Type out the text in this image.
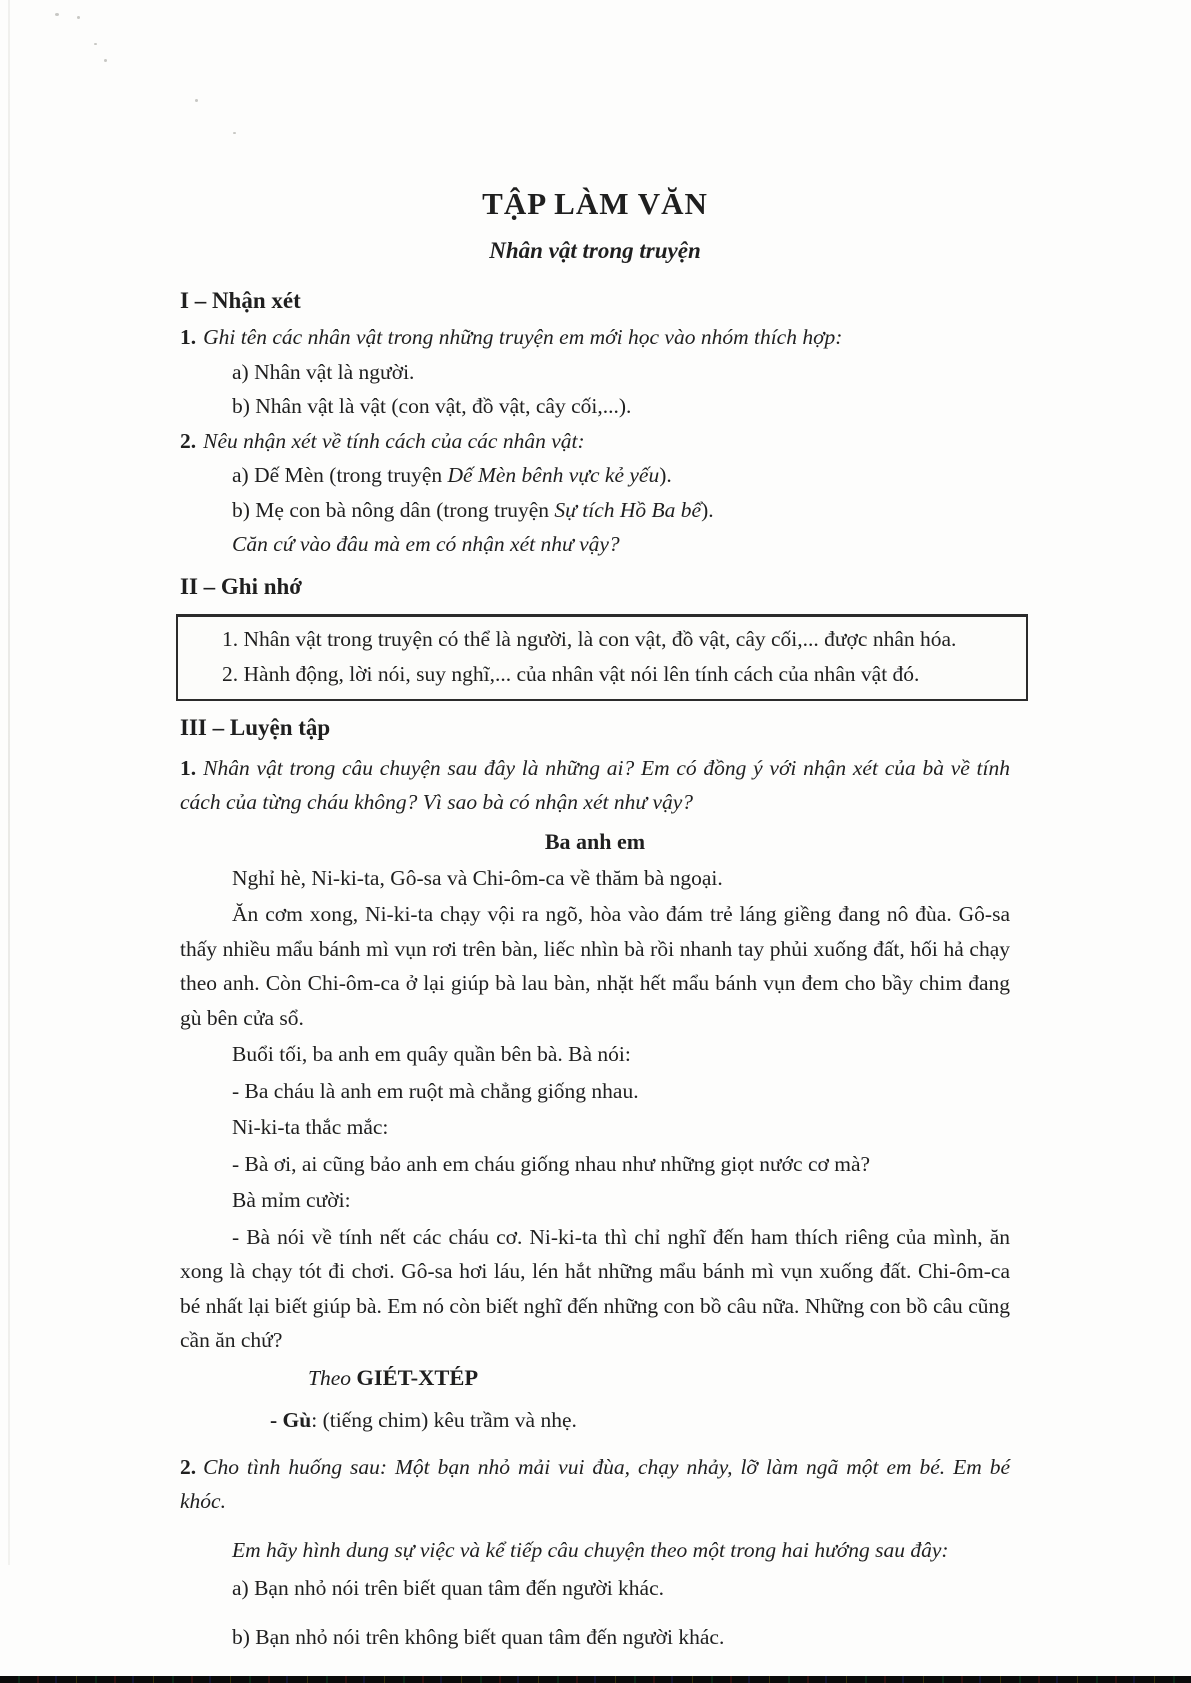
TẬP LÀM VĂN
Nhân vật trong truyện
I – Nhận xét

1. Ghi tên các nhân vật trong những truyện em mới học vào nhóm thích hợp:

a) Nhân vật là người.

b) Nhân vật là vật (con vật, đồ vật, cây cối,...).

2. Nêu nhận xét về tính cách của các nhân vật:

a) Dế Mèn (trong truyện Dế Mèn bênh vực kẻ yếu).

b) Mẹ con bà nông dân (trong truyện Sự tích Hồ Ba bể).

Căn cứ vào đâu mà em có nhận xét như vậy?

II – Ghi nhớ

1. Nhân vật trong truyện có thể là người, là con vật, đồ vật, cây cối,... được nhân hóa.

2. Hành động, lời nói, suy nghĩ,... của nhân vật nói lên tính cách của nhân vật đó.

III – Luyện tập

1. Nhân vật trong câu chuyện sau đây là những ai? Em có đồng ý với nhận xét của bà về tính cách của từng cháu không? Vì sao bà có nhận xét như vậy?

Ba anh em

Nghỉ hè, Ni-ki-ta, Gô-sa và Chi-ôm-ca về thăm bà ngoại.

Ăn cơm xong, Ni-ki-ta chạy vội ra ngõ, hòa vào đám trẻ láng giềng đang nô đùa. Gô-sa thấy nhiều mẩu bánh mì vụn rơi trên bàn, liếc nhìn bà rồi nhanh tay phủi xuống đất, hối hả chạy theo anh. Còn Chi-ôm-ca ở lại giúp bà lau bàn, nhặt hết mẩu bánh vụn đem cho bầy chim đang gù bên cửa sổ.

Buổi tối, ba anh em quây quần bên bà. Bà nói:

- Ba cháu là anh em ruột mà chẳng giống nhau.

Ni-ki-ta thắc mắc:

- Bà ơi, ai cũng bảo anh em cháu giống nhau như những giọt nước cơ mà?

Bà mỉm cười:

- Bà nói về tính nết các cháu cơ. Ni-ki-ta thì chỉ nghĩ đến ham thích riêng của mình, ăn xong là chạy tót đi chơi. Gô-sa hơi láu, lén hắt những mẩu bánh mì vụn xuống đất. Chi-ôm-ca bé nhất lại biết giúp bà. Em nó còn biết nghĩ đến những con bồ câu nữa. Những con bồ câu cũng cần ăn chứ?

Theo GIÉT-XTÉP

- Gù: (tiếng chim) kêu trầm và nhẹ.

2. Cho tình huống sau: Một bạn nhỏ mải vui đùa, chạy nhảy, lỡ làm ngã một em bé. Em bé khóc.

Em hãy hình dung sự việc và kể tiếp câu chuyện theo một trong hai hướng sau đây:

a) Bạn nhỏ nói trên biết quan tâm đến người khác.

b) Bạn nhỏ nói trên không biết quan tâm đến người khác.
